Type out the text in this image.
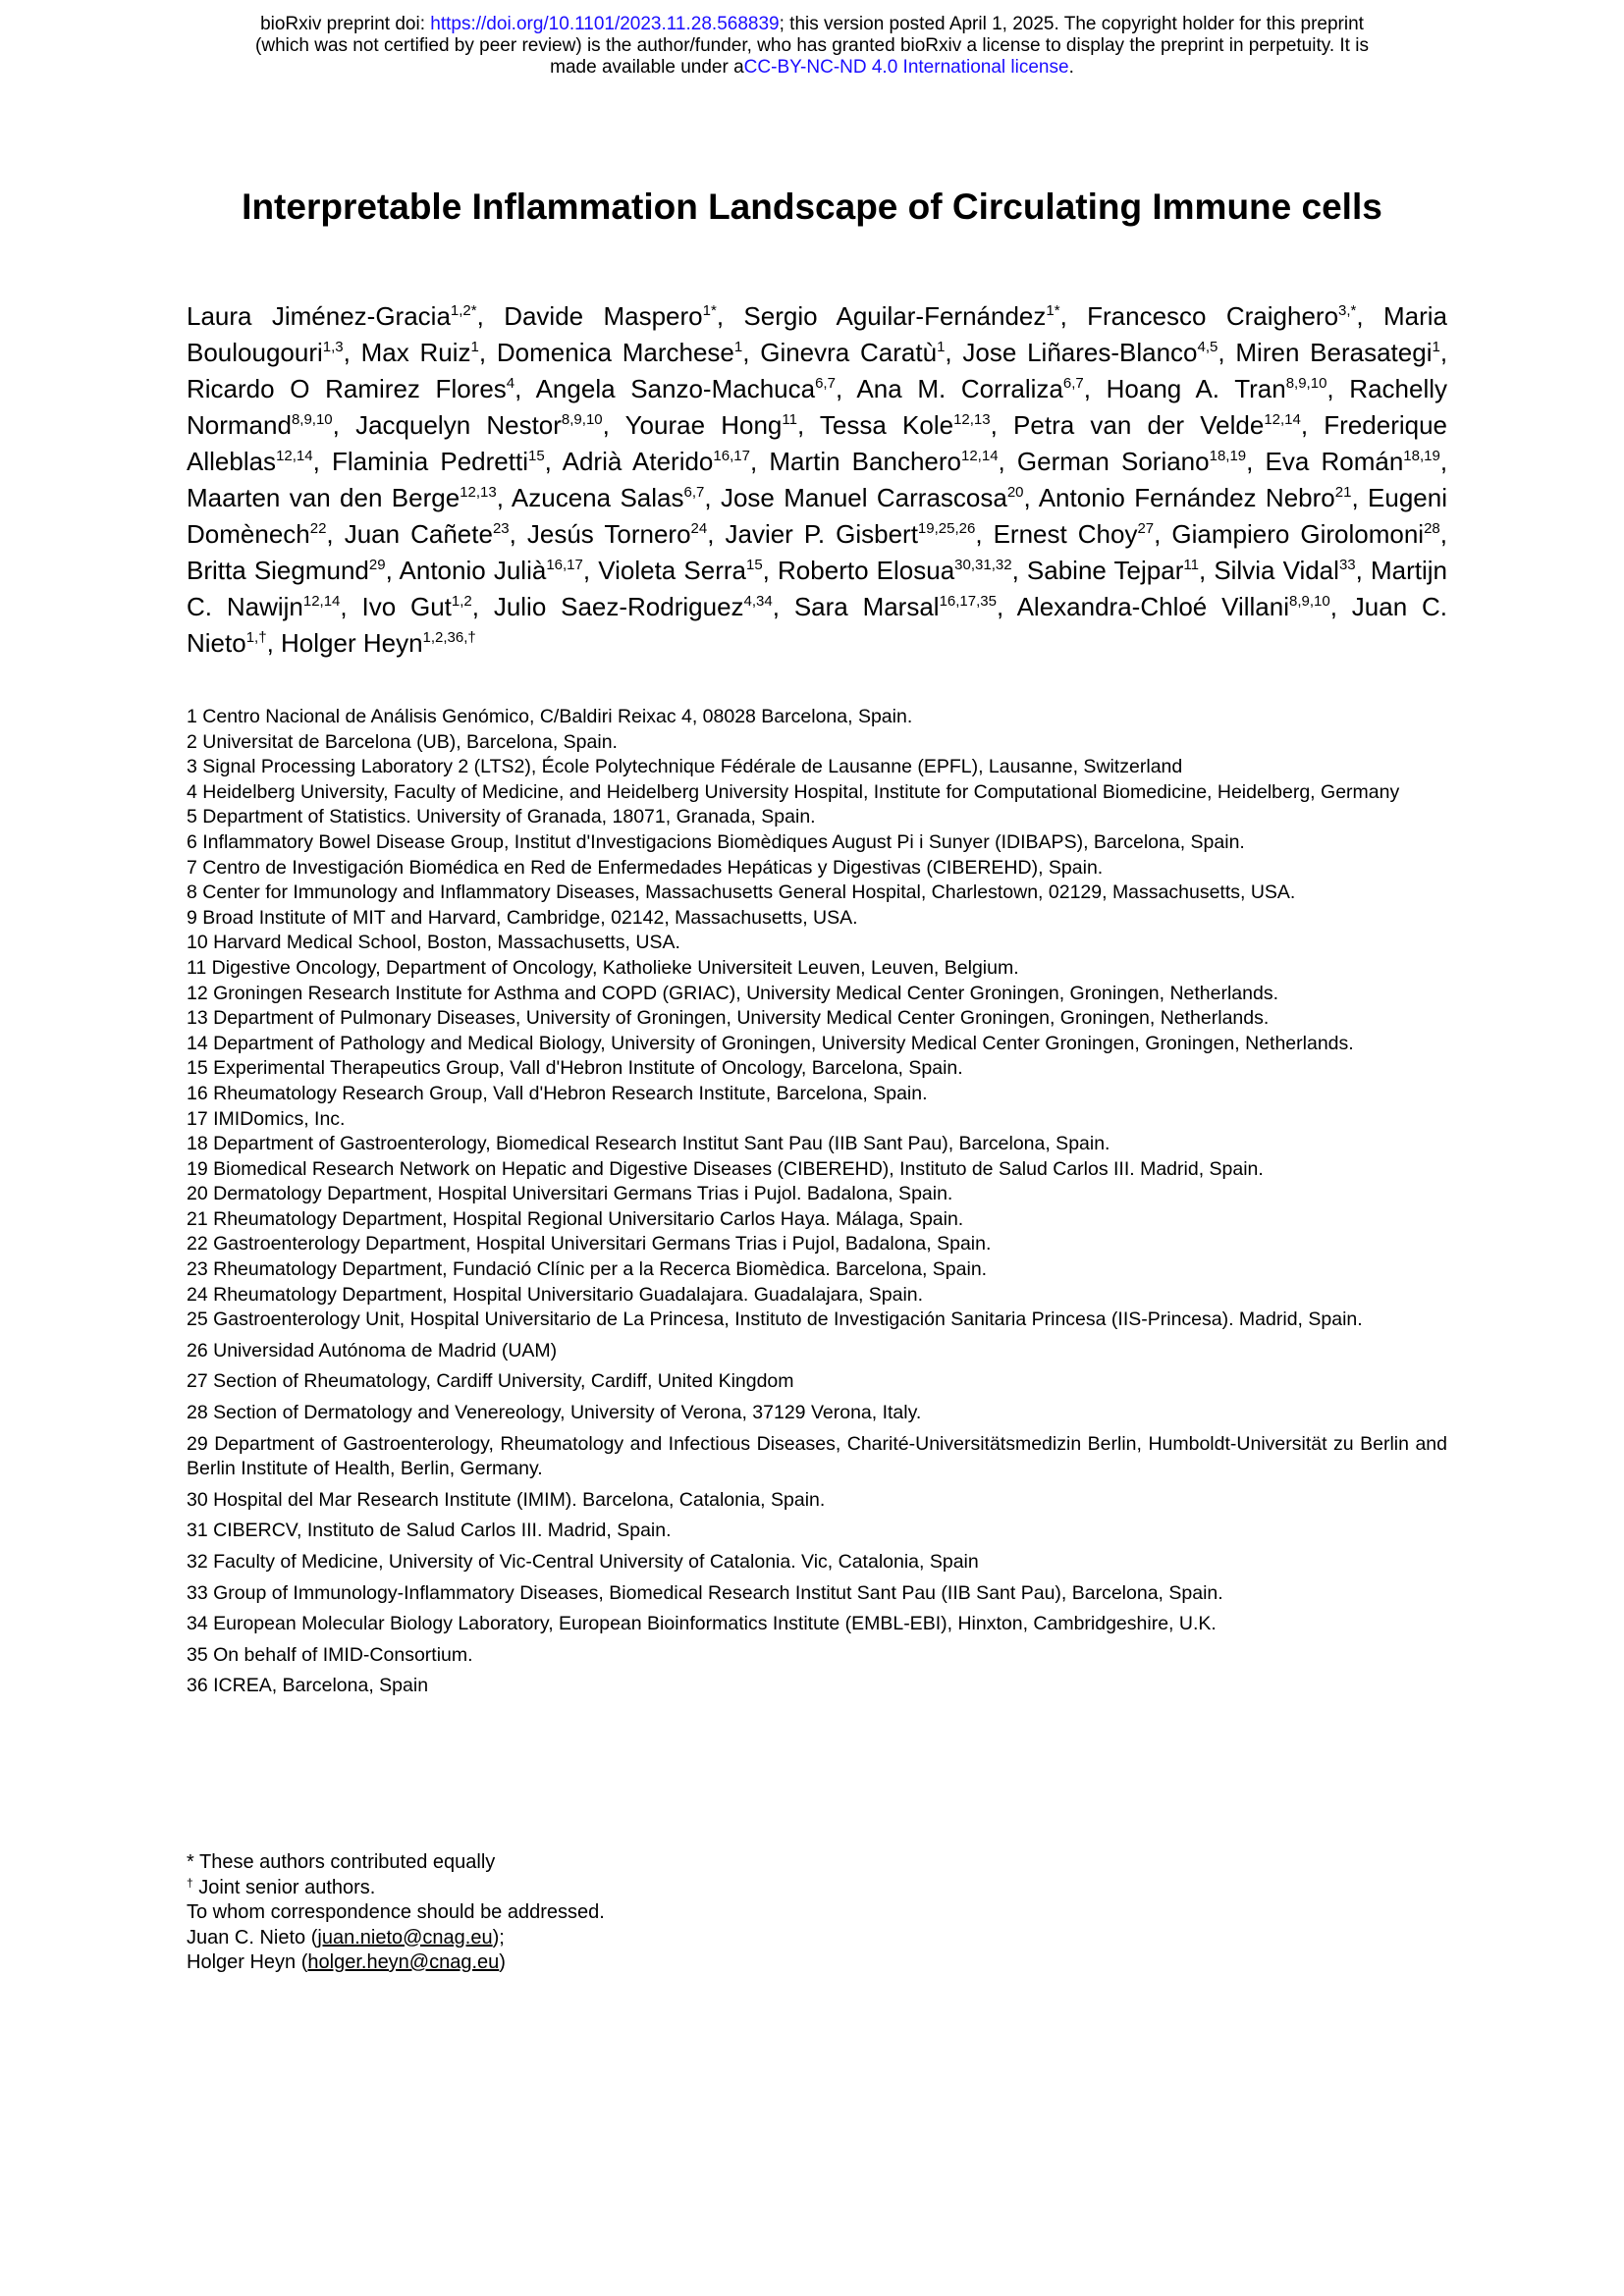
bioRxiv preprint doi: https://doi.org/10.1101/2023.11.28.568839; this version posted April 1, 2025. The copyright holder for this preprint
(which was not certified by peer review) is the author/funder, who has granted bioRxiv a license to display the preprint in perpetuity. It is
made available under aCC-BY-NC-ND 4.0 International license.
Interpretable Inflammation Landscape of Circulating Immune cells
Laura Jiménez-Gracia$^{1,2*}$, Davide Maspero$^{1*}$, Sergio Aguilar-Fernández$^{1*}$, Francesco Craighero$^{3,*}$, Maria Boulougouri$^{1,3}$, Max Ruiz$^1$, Domenica Marchese$^1$, Ginevra Caratù$^1$, Jose Liñares-Blanco$^{4,5}$, Miren Berasategi$^1$, Ricardo O Ramirez Flores$^4$, Angela Sanzo-Machuca$^{6,7}$, Ana M. Corraliza$^{6,7}$, Hoang A. Tran$^{8,9,10}$, Rachelly Normand$^{8,9,10}$, Jacquelyn Nestor$^{8,9,10}$, Yourae Hong$^{11}$, Tessa Kole$^{12,13}$, Petra van der Velde$^{12,14}$, Frederique Alleblas$^{12,14}$, Flaminia Pedretti$^{15}$, Adrià Aterido$^{16,17}$, Martin Banchero$^{12,14}$, German Soriano$^{18,19}$, Eva Román$^{18,19}$, Maarten van den Berge$^{12,13}$, Azucena Salas$^{6,7}$, Jose Manuel Carrascosa$^{20}$, Antonio Fernández Nebro$^{21}$, Eugeni Domènech$^{22}$, Juan Cañete$^{23}$, Jesús Tornero$^{24}$, Javier P. Gisbert$^{19,25,26}$, Ernest Choy$^{27}$, Giampiero Girolomoni$^{28}$, Britta Siegmund$^{29}$, Antonio Julià$^{16,17}$, Violeta Serra$^{15}$, Roberto Elosua$^{30,31,32}$, Sabine Tejpar$^{11}$, Silvia Vidal$^{33}$, Martijn C. Nawijn$^{12,14}$, Ivo Gut$^{1,2}$, Julio Saez-Rodriguez$^{4,34}$, Sara Marsal$^{16,17,35}$, Alexandra-Chloé Villani$^{8,9,10}$, Juan C. Nieto$^{1,\dagger}$, Holger Heyn$^{1,2,36,\dagger}$
1 Centro Nacional de Análisis Genómico, C/Baldiri Reixac 4, 08028 Barcelona, Spain.
2 Universitat de Barcelona (UB), Barcelona, Spain.
3 Signal Processing Laboratory 2 (LTS2), École Polytechnique Fédérale de Lausanne (EPFL), Lausanne, Switzerland
4 Heidelberg University, Faculty of Medicine, and Heidelberg University Hospital, Institute for Computational Biomedicine, Heidelberg, Germany
5 Department of Statistics. University of Granada, 18071, Granada, Spain.
6 Inflammatory Bowel Disease Group, Institut d'Investigacions Biomèdiques August Pi i Sunyer (IDIBAPS), Barcelona, Spain.
7 Centro de Investigación Biomédica en Red de Enfermedades Hepáticas y Digestivas (CIBEREHD), Spain.
8 Center for Immunology and Inflammatory Diseases, Massachusetts General Hospital, Charlestown, 02129, Massachusetts, USA.
9 Broad Institute of MIT and Harvard, Cambridge, 02142, Massachusetts, USA.
10 Harvard Medical School, Boston, Massachusetts, USA.
11 Digestive Oncology, Department of Oncology, Katholieke Universiteit Leuven, Leuven, Belgium.
12 Groningen Research Institute for Asthma and COPD (GRIAC), University Medical Center Groningen, Groningen, Netherlands.
13 Department of Pulmonary Diseases, University of Groningen, University Medical Center Groningen, Groningen, Netherlands.
14 Department of Pathology and Medical Biology, University of Groningen, University Medical Center Groningen, Groningen, Netherlands.
15 Experimental Therapeutics Group, Vall d'Hebron Institute of Oncology, Barcelona, Spain.
16 Rheumatology Research Group, Vall d'Hebron Research Institute, Barcelona, Spain.
17 IMIDomics, Inc.
18 Department of Gastroenterology, Biomedical Research Institut Sant Pau (IIB Sant Pau), Barcelona, Spain.
19 Biomedical Research Network on Hepatic and Digestive Diseases (CIBEREHD), Instituto de Salud Carlos III. Madrid, Spain.
20 Dermatology Department, Hospital Universitari Germans Trias i Pujol. Badalona, Spain.
21 Rheumatology Department, Hospital Regional Universitario Carlos Haya. Málaga, Spain.
22 Gastroenterology Department, Hospital Universitari Germans Trias i Pujol, Badalona, Spain.
23 Rheumatology Department, Fundació Clínic per a la Recerca Biomèdica. Barcelona, Spain.
24 Rheumatology Department, Hospital Universitario Guadalajara. Guadalajara, Spain.
25 Gastroenterology Unit, Hospital Universitario de La Princesa, Instituto de Investigación Sanitaria Princesa (IIS-Princesa). Madrid, Spain.
26 Universidad Autónoma de Madrid (UAM)
27 Section of Rheumatology, Cardiff University, Cardiff, United Kingdom
28 Section of Dermatology and Venereology, University of Verona, 37129 Verona, Italy.
29 Department of Gastroenterology, Rheumatology and Infectious Diseases, Charité-Universitätsmedizin Berlin, Humboldt-Universität zu Berlin and Berlin Institute of Health, Berlin, Germany.
30 Hospital del Mar Research Institute (IMIM). Barcelona, Catalonia, Spain.
31 CIBERCV, Instituto de Salud Carlos III. Madrid, Spain.
32 Faculty of Medicine, University of Vic-Central University of Catalonia. Vic, Catalonia, Spain
33 Group of Immunology-Inflammatory Diseases, Biomedical Research Institut Sant Pau (IIB Sant Pau), Barcelona, Spain.
34 European Molecular Biology Laboratory, European Bioinformatics Institute (EMBL-EBI), Hinxton, Cambridgeshire, U.K.
35 On behalf of IMID-Consortium.
36 ICREA, Barcelona, Spain
* These authors contributed equally
† Joint senior authors.
To whom correspondence should be addressed.
Juan C. Nieto (juan.nieto@cnag.eu);
Holger Heyn (holger.heyn@cnag.eu)
